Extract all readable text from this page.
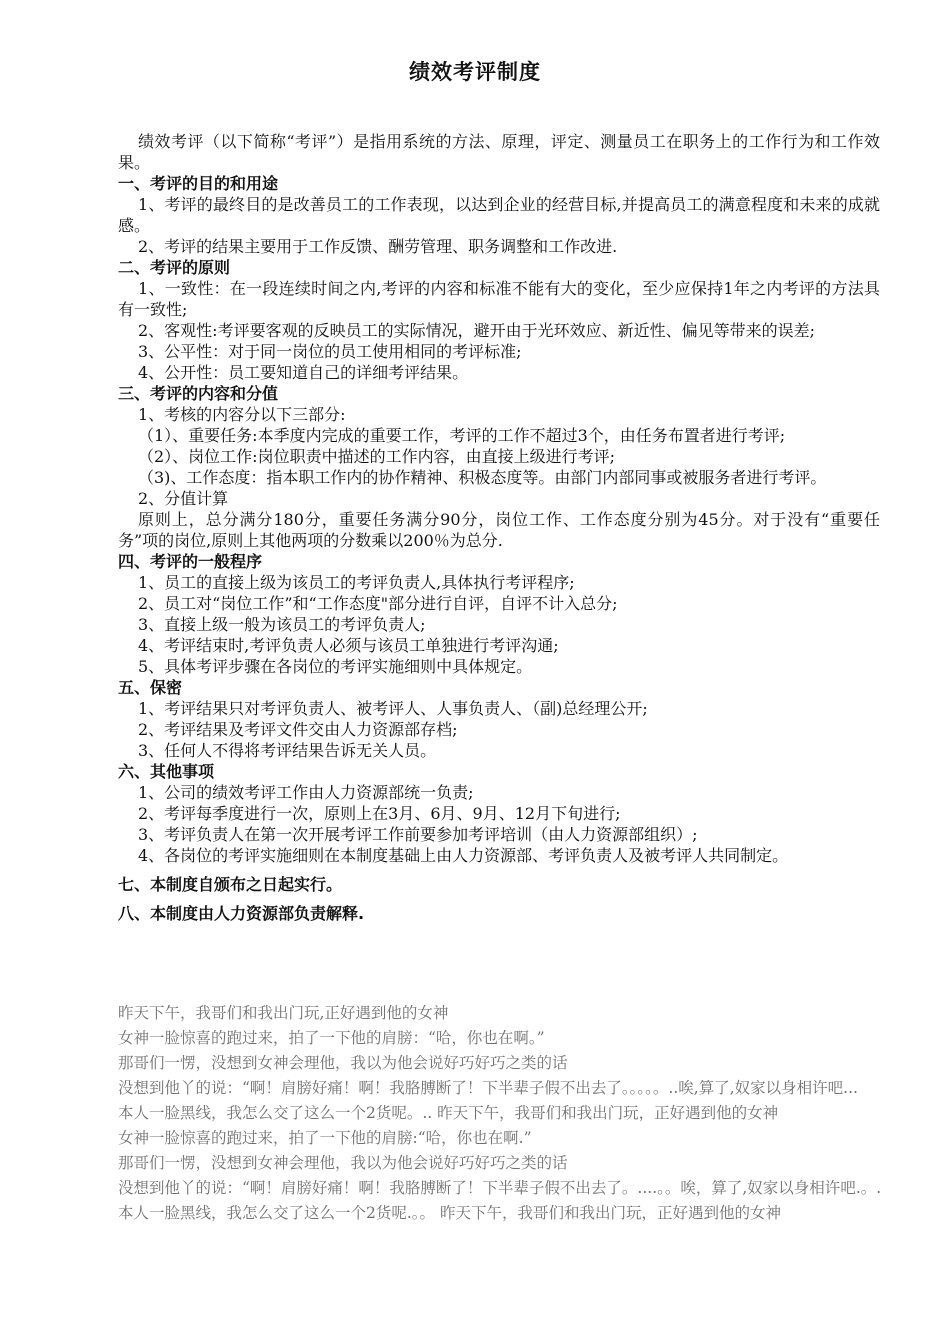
绩效考评制度

绩效考评（以下简称“考评”）是指用系统的方法、原理，评定、测量员工在职务上的工作行为和工作效果。

一、考评的目的和用途

1、考评的最终目的是改善员工的工作表现，以达到企业的经营目标,并提高员工的满意程度和未来的成就感。

2、考评的结果主要用于工作反馈、酬劳管理、职务调整和工作改进.

二、考评的原则

1、一致性：在一段连续时间之内,考评的内容和标准不能有大的变化，至少应保持1年之内考评的方法具有一致性;

2、客观性:考评要客观的反映员工的实际情况，避开由于光环效应、新近性、偏见等带来的误差;

3、公平性：对于同一岗位的员工使用相同的考评标准;

4、公开性：员工要知道自己的详细考评结果。

三、考评的内容和分值

1、考核的内容分以下三部分:

（1）、重要任务:本季度内完成的重要工作，考评的工作不超过3个，由任务布置者进行考评;

（2）、岗位工作:岗位职责中描述的工作内容，由直接上级进行考评;

（3)、工作态度：指本职工作内的协作精神、积极态度等。由部门内部同事或被服务者进行考评。

2、分值计算

原则上，总分满分180分，重要任务满分90分，岗位工作、工作态度分别为45分。对于没有“重要任务”项的岗位,原则上其他两项的分数乘以200％为总分.

四、考评的一般程序

1、员工的直接上级为该员工的考评负责人,具体执行考评程序;

2、员工对“岗位工作”和“工作态度"部分进行自评，自评不计入总分;

3、直接上级一般为该员工的考评负责人;

4、考评结束时,考评负责人必须与该员工单独进行考评沟通;

5、具体考评步骤在各岗位的考评实施细则中具体规定。

五、保密

1、考评结果只对考评负责人、被考评人、人事负责人、（副)总经理公开;

2、考评结果及考评文件交由人力资源部存档;

3、任何人不得将考评结果告诉无关人员。

六、其他事项

1、公司的绩效考评工作由人力资源部统一负责;

2、考评每季度进行一次，原则上在3月、6月、9月、12月下旬进行;

3、考评负责人在第一次开展考评工作前要参加考评培训（由人力资源部组织）;

4、各岗位的考评实施细则在本制度基础上由人力资源部、考评负责人及被考评人共同制定。

七、本制度自颁布之日起实行。

八、本制度由人力资源部负责解释.

昨天下午，我哥们和我出门玩,正好遇到他的女神

女神一脸惊喜的跑过来，拍了一下他的肩膀：“哈，你也在啊。”

那哥们一愣，没想到女神会理他，我以为他会说好巧好巧之类的话

没想到他丫的说：“啊！肩膀好痛！啊！我胳膊断了！下半辈子假不出去了。。。。。..唉,算了,奴家以身相许吧...

本人一脸黑线，我怎么交了这么一个2货呢。.. 昨天下午，我哥们和我出门玩，正好遇到他的女神

女神一脸惊喜的跑过来，拍了一下他的肩膀:“哈，你也在啊.”

那哥们一愣，没想到女神会理他，我以为他会说好巧好巧之类的话

没想到他丫的说：“啊！肩膀好痛！啊！我胳膊断了！下半辈子假不出去了。....。。唉，算了,奴家以身相许吧.。.

本人一脸黑线，我怎么交了这么一个2货呢.。。 昨天下午，我哥们和我出门玩，正好遇到他的女神
